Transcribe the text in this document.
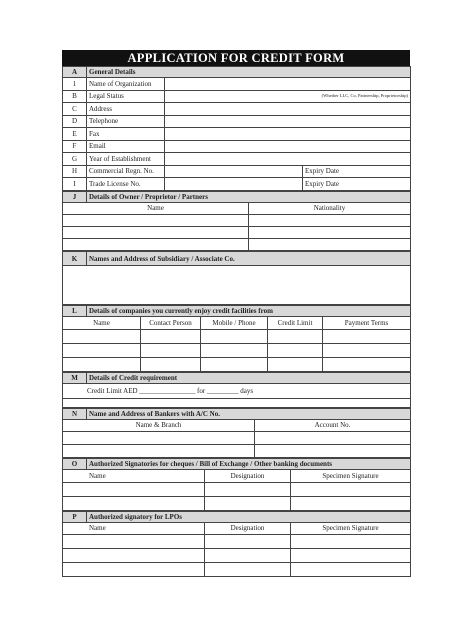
APPLICATION FOR CREDIT FORM
A	General Details		
1	Name of Organization		
B	Legal Status	(Whether LLC, Co, Partnership, Proprietorship)	

C	Address		
D	Telephone		
E	Fax		
F	Email		
G	Year of Establishment		
H	Commercial Regn. No.		Expiry Date
I	Trade License No.		Expiry Date
J	Details of Owner / Proprietor / Partners	
Name		Nationality

K	Names and Address of Subsidiary / Associate Co.

L	Details of companies you currently enjoy credit facilities from				
Name		Contact Person	Mobile / Phone	Credit Limit	Payment Terms

M	Details of Credit requirement
Credit Limit AED ________________ for _________ days

N	Name and Address of Bankers with A/C No.	
Name & Branch		Account No.

O	Authorized Signatories for cheques / Bill of Exchange / Other banking documents		
Name		Designation	Specimen Signature

P	Authorized signatory for LPOs		
Name		Designation	Specimen Signature
